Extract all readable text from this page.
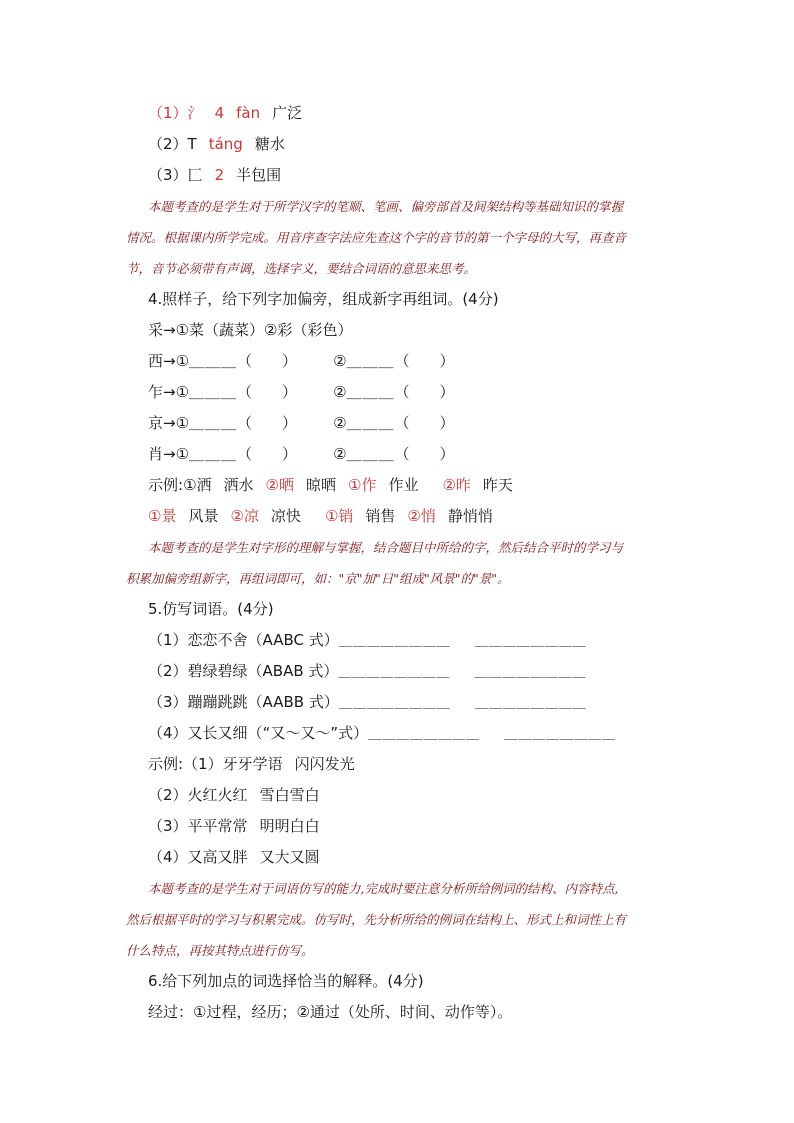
（1）氵 4 fàn 广泛
（2）T táng 糖水
（3）匚 2 半包围
本题考查的是学生对于所学汉字的笔顺、笔画、偏旁部首及间架结构等基础知识的掌握
情况。根据课内所学完成。用音序查字法应先查这个字的音节的第一个字母的大写，再查音
节，音节必须带有声调，选择字义，要结合词语的意思来思考。
4.照样子，给下列字加偏旁，组成新字再组词。(4分)
采→①菜（蔬菜）②彩（彩色）
西→①＿＿＿（　　） ②＿＿＿（　　）
乍→①＿＿＿（　　） ②＿＿＿（　　）
京→①＿＿＿（　　） ②＿＿＿（　　）
肖→①＿＿＿（　　） ②＿＿＿（　　）
示例:①洒 洒水 ②晒 晾晒 ①作 作业 ②昨 昨天
①景 风景 ②凉 凉快 ①销 销售 ②悄 静悄悄
本题考查的是学生对字形的理解与掌握，结合题目中所给的字，然后结合平时的学习与
积累加偏旁组新字，再组词即可，如："京"加"日"组成"风景"的"景"。
5.仿写词语。(4分)
（1）恋恋不舍（AABC 式）＿＿＿＿＿＿＿＿ ＿＿＿＿＿＿＿＿
（2）碧绿碧绿（ABAB 式）＿＿＿＿＿＿＿＿ ＿＿＿＿＿＿＿＿
（3）蹦蹦跳跳（AABB 式）＿＿＿＿＿＿＿＿ ＿＿＿＿＿＿＿＿
（4）又长又细（“又～又～”式）＿＿＿＿＿＿＿＿ ＿＿＿＿＿＿＿＿
示例:（1）牙牙学语 闪闪发光
（2）火红火红 雪白雪白
（3）平平常常 明明白白
（4）又高又胖 又大又圆
本题考查的是学生对于词语仿写的能力,完成时要注意分析所给例词的结构、内容特点,
然后根据平时的学习与积累完成。仿写时，先分析所给的例词在结构上、形式上和词性上有
什么特点，再按其特点进行仿写。
6.给下列加点的词选择恰当的解释。(4分)
经过：①过程，经历；②通过（处所、时间、动作等）。
